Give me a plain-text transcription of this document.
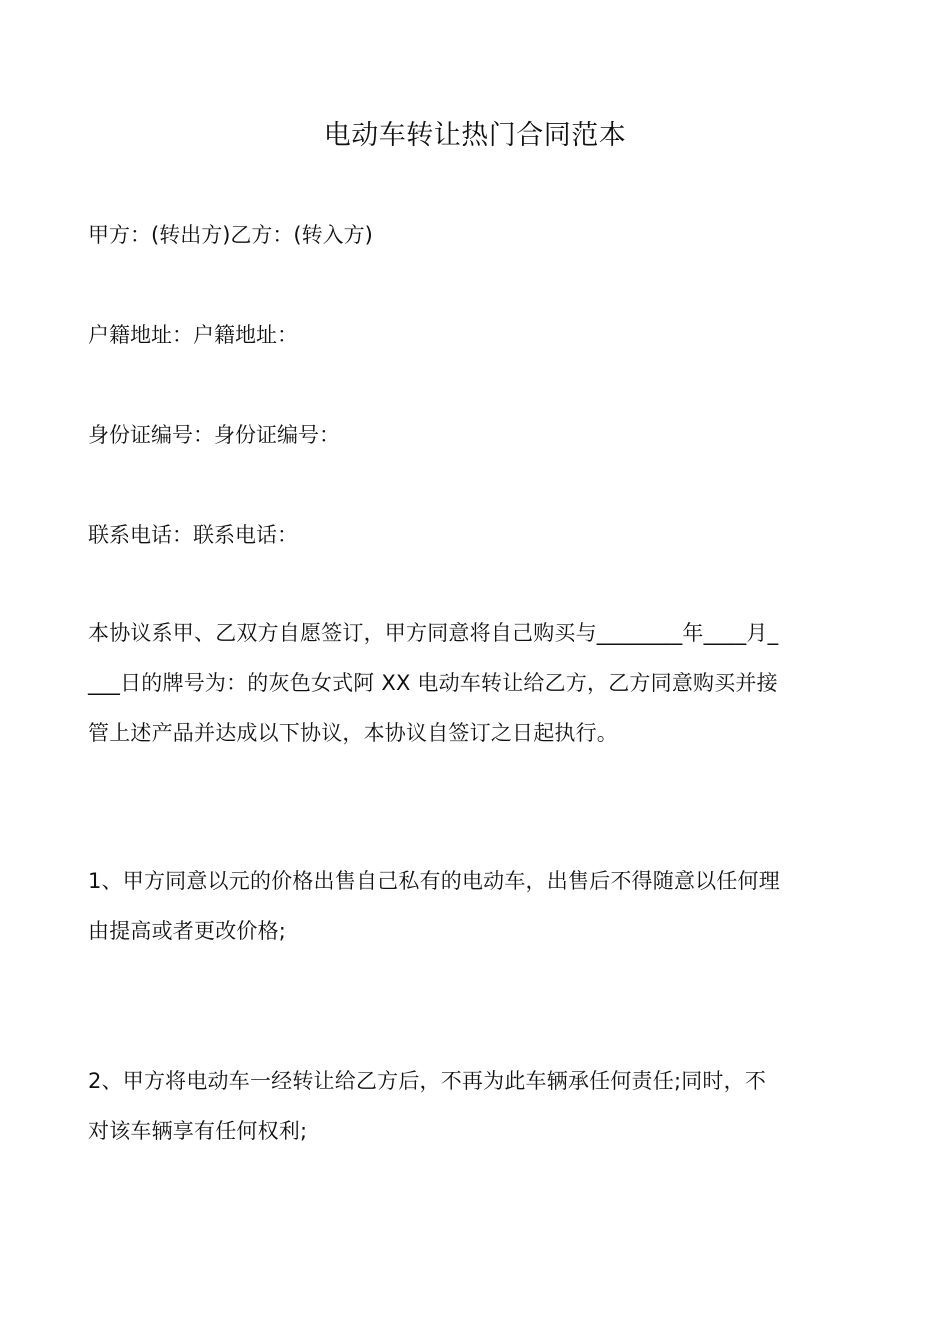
电动车转让热门合同范本

甲方：(转出方)乙方：(转入方)

户籍地址：户籍地址：

身份证编号：身份证编号：

联系电话：联系电话：

本协议系甲、乙双方自愿签订，甲方同意将自己购买与________年____月_
___日的牌号为：的灰色女式阿 XX 电动车转让给乙方，乙方同意购买并接
管上述产品并达成以下协议，本协议自签订之日起执行。
1、甲方同意以元的价格出售自己私有的电动车，出售后不得随意以任何理
由提高或者更改价格;
2、甲方将电动车一经转让给乙方后，不再为此车辆承任何责任;同时，不
对该车辆享有任何权利;
